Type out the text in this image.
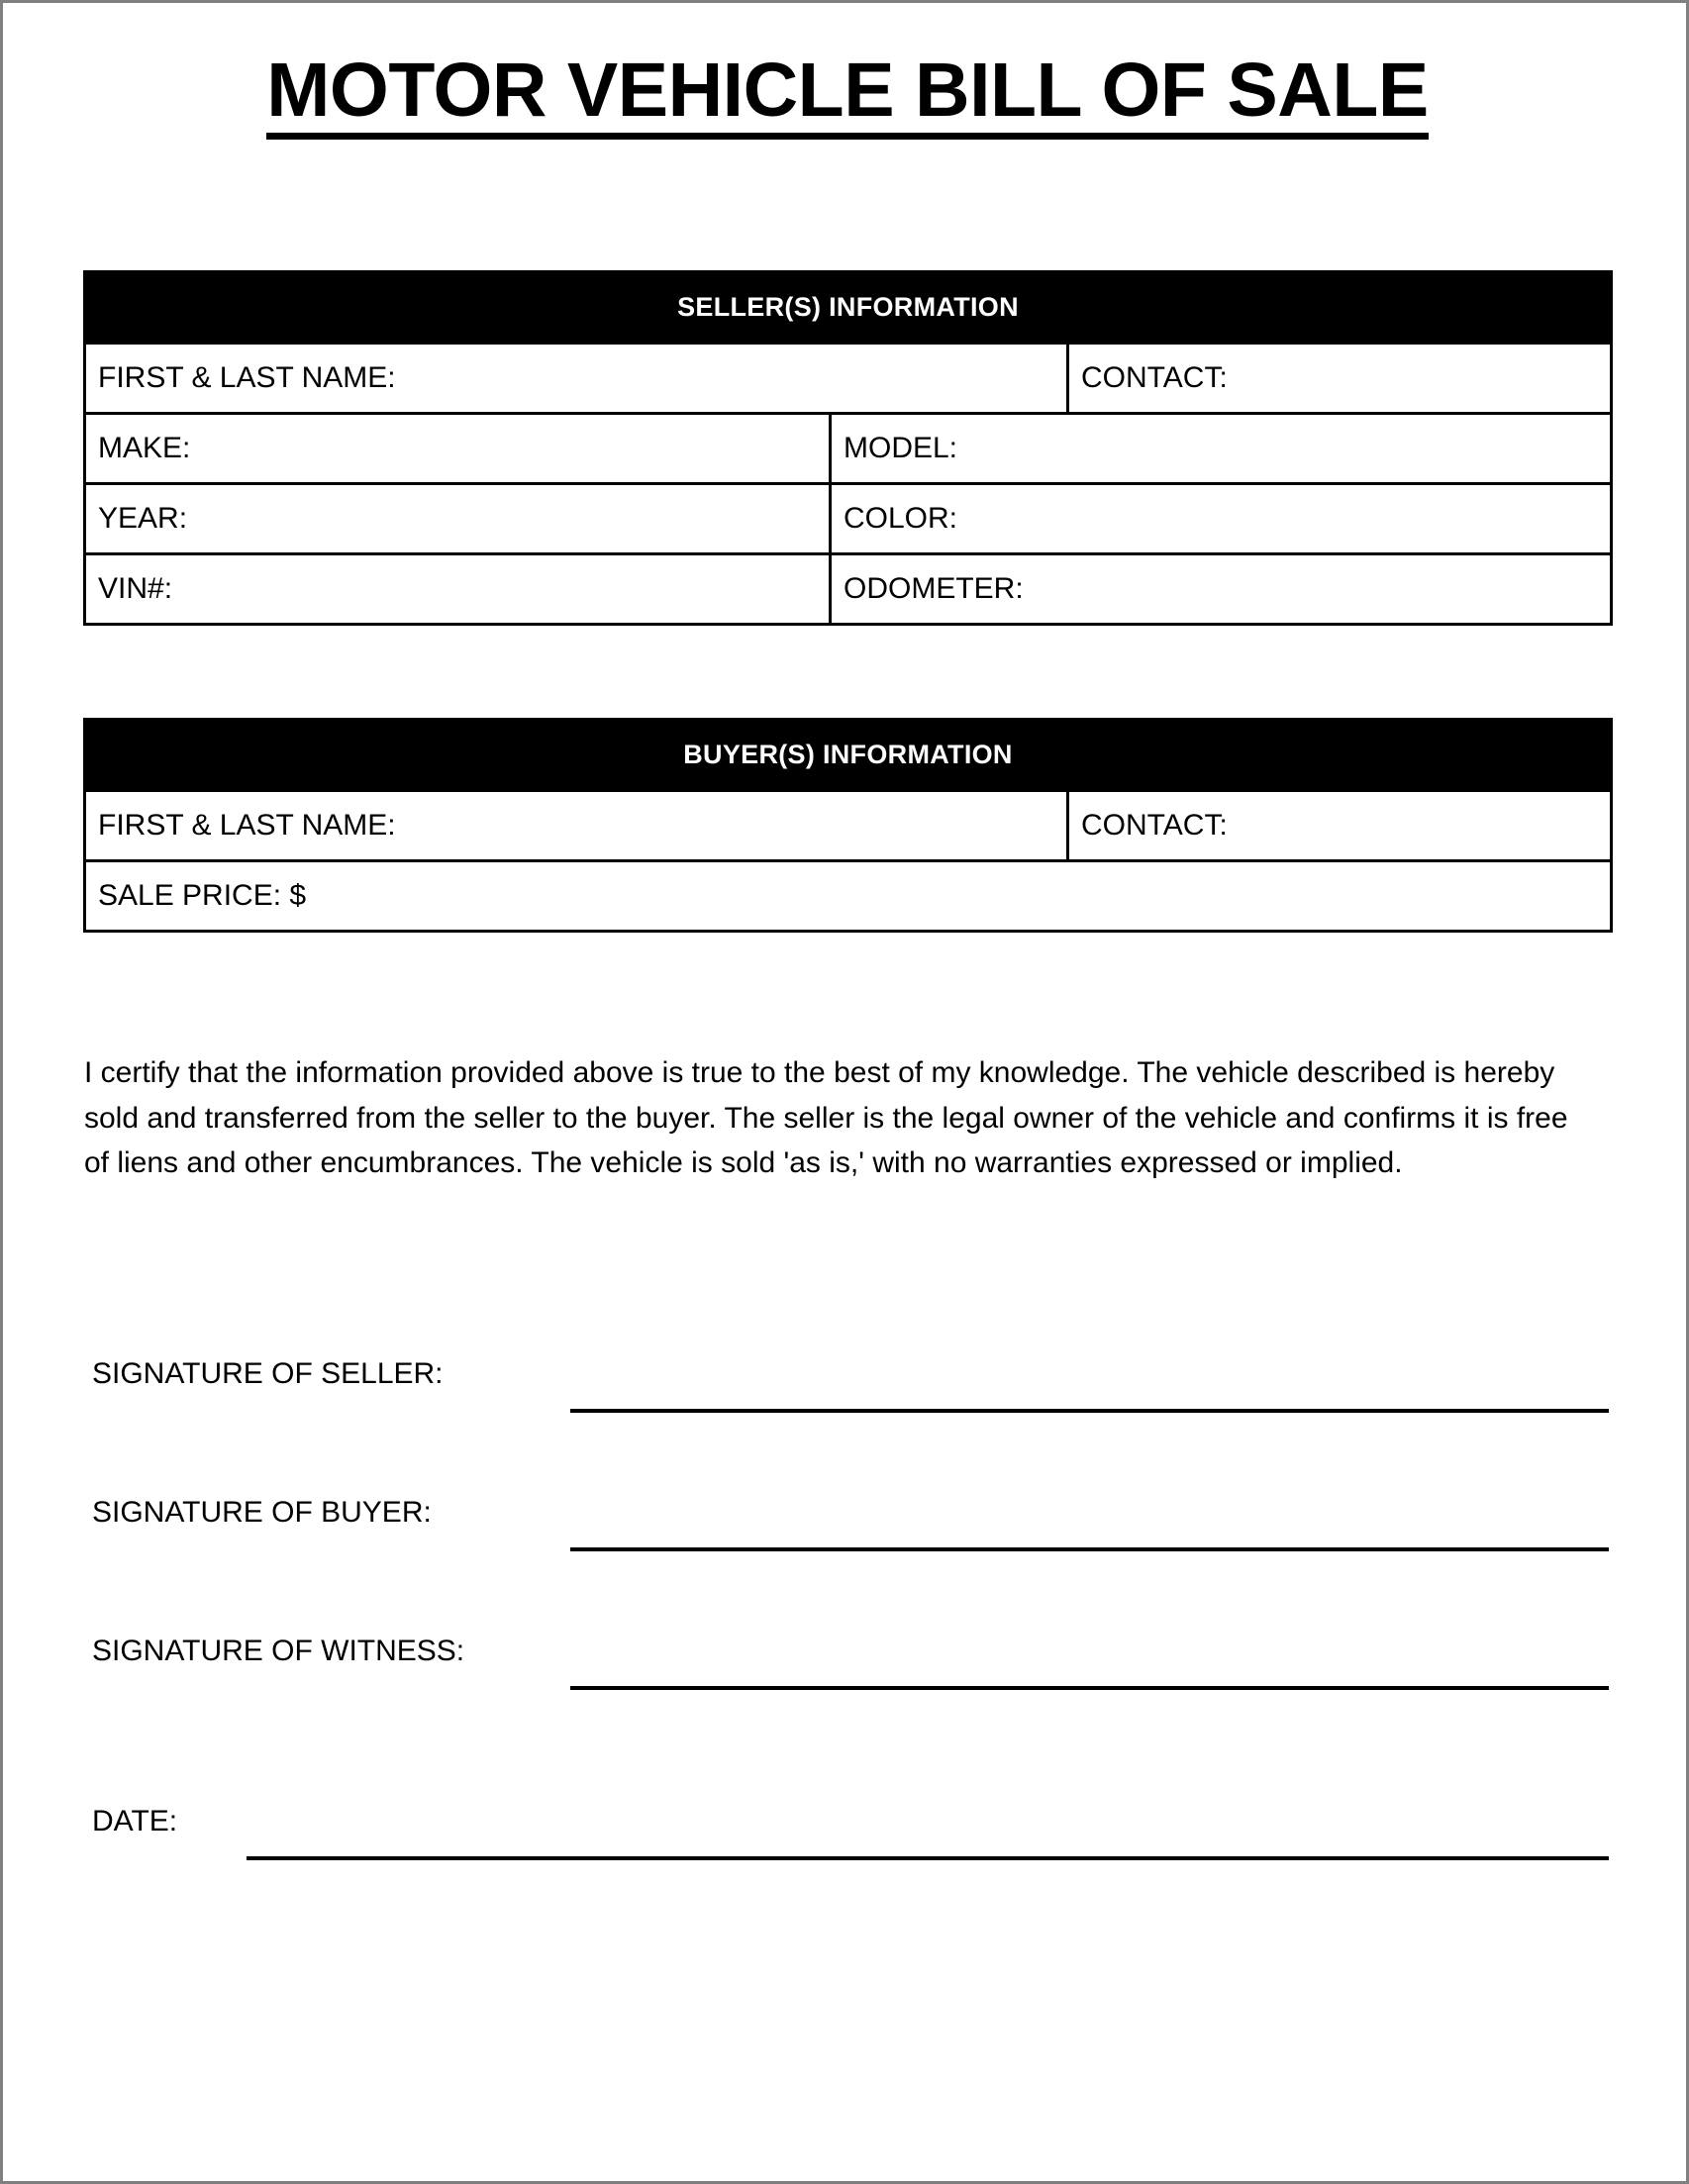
MOTOR VEHICLE BILL OF SALE
SELLER(S) INFORMATION
FIRST & LAST NAME:	CONTACT:
MAKE:	MODEL:
YEAR:	COLOR:
VIN#:	ODOMETER:
BUYER(S) INFORMATION
FIRST & LAST NAME:	CONTACT:
SALE PRICE: $

I certify that the information provided above is true to the best of my knowledge. The vehicle described is hereby sold and transferred from the seller to the buyer. The seller is the legal owner of the vehicle and confirms it is free of liens and other encumbrances. The vehicle is sold 'as is,' with no warranties expressed or implied.

SIGNATURE OF SELLER:
SIGNATURE OF BUYER:
SIGNATURE OF WITNESS:
DATE:
